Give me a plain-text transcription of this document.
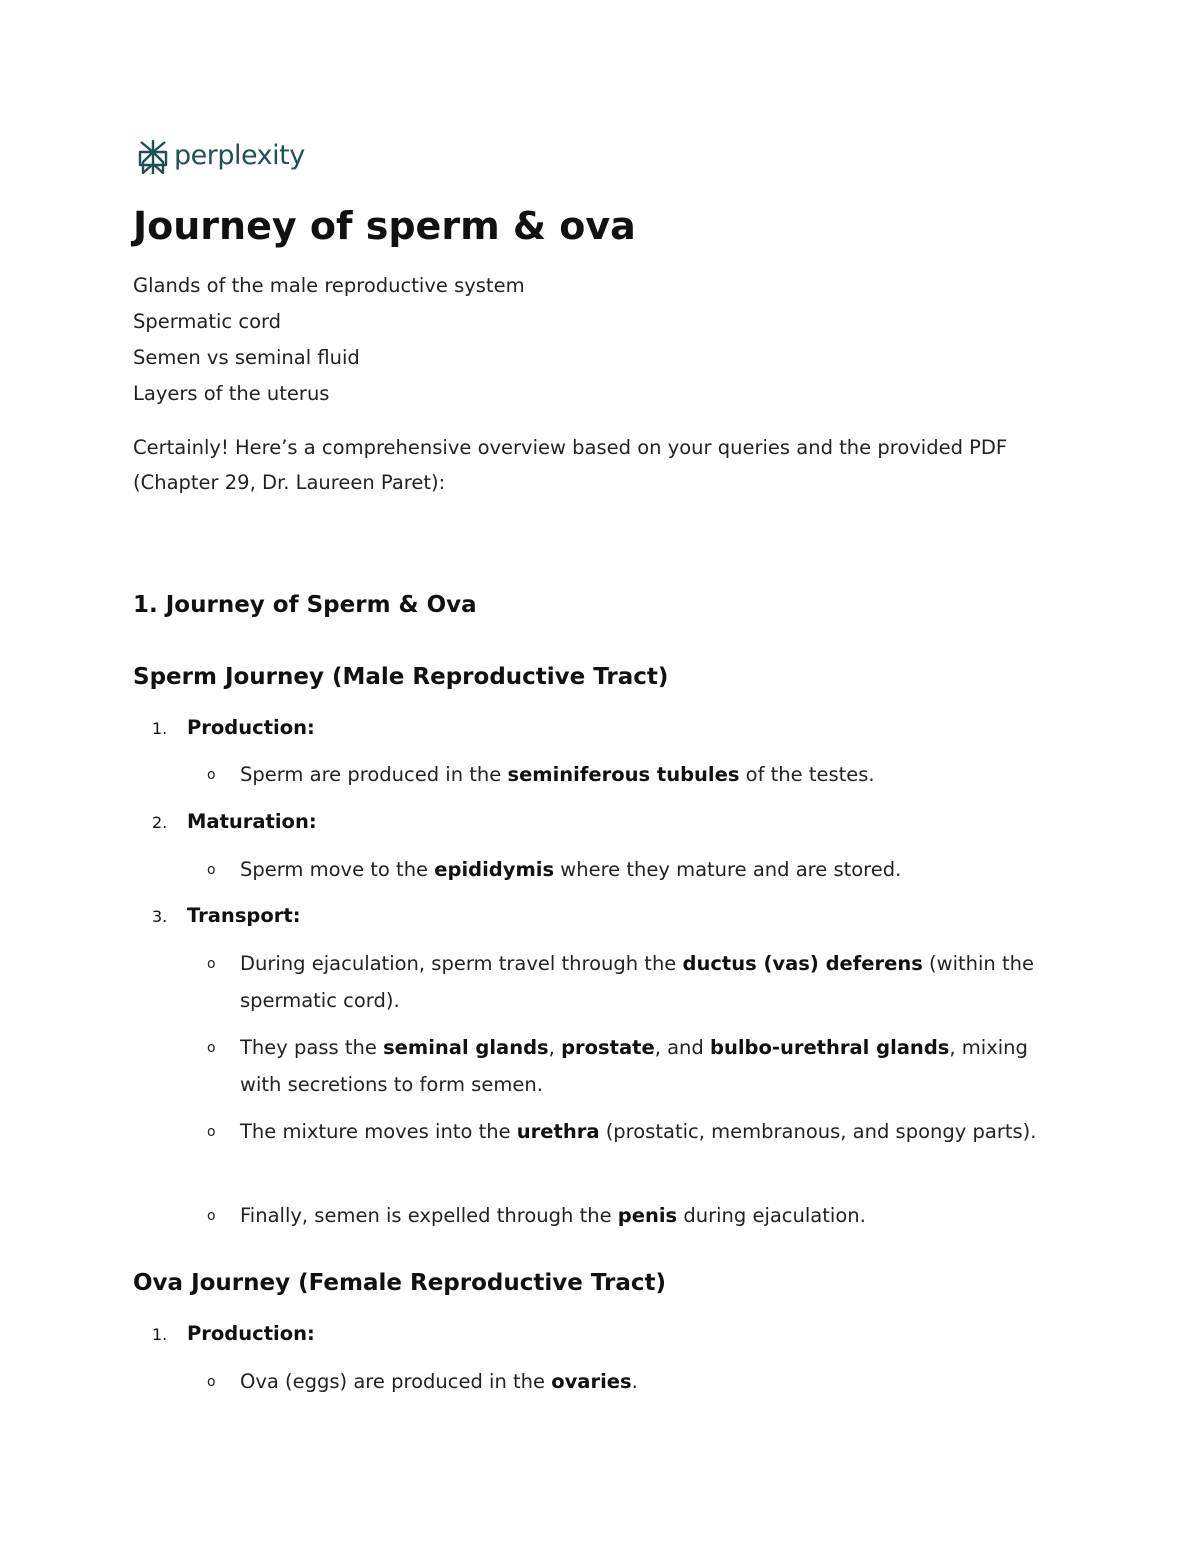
perplexity
Journey of sperm & ova
Glands of the male reproductive system
Spermatic cord
Semen vs seminal fluid
Layers of the uterus

Certainly! Here’s a comprehensive overview based on your queries and the provided PDF (Chapter 29, Dr. Laureen Paret):

1. Journey of Sperm & Ova
Sperm Journey (Male Reproductive Tract)
1. Production:
o Sperm are produced in the seminiferous tubules of the testes.
2. Maturation:
o Sperm move to the epididymis where they mature and are stored.
3. Transport:
o During ejaculation, sperm travel through the ductus (vas) deferens (within the spermatic cord).
o They pass the seminal glands, prostate, and bulbo-urethral glands, mixing with secretions to form semen.
o The mixture moves into the urethra (prostatic, membranous, and spongy parts).
o Finally, semen is expelled through the penis during ejaculation.
Ova Journey (Female Reproductive Tract)
1. Production:
o Ova (eggs) are produced in the ovaries.
